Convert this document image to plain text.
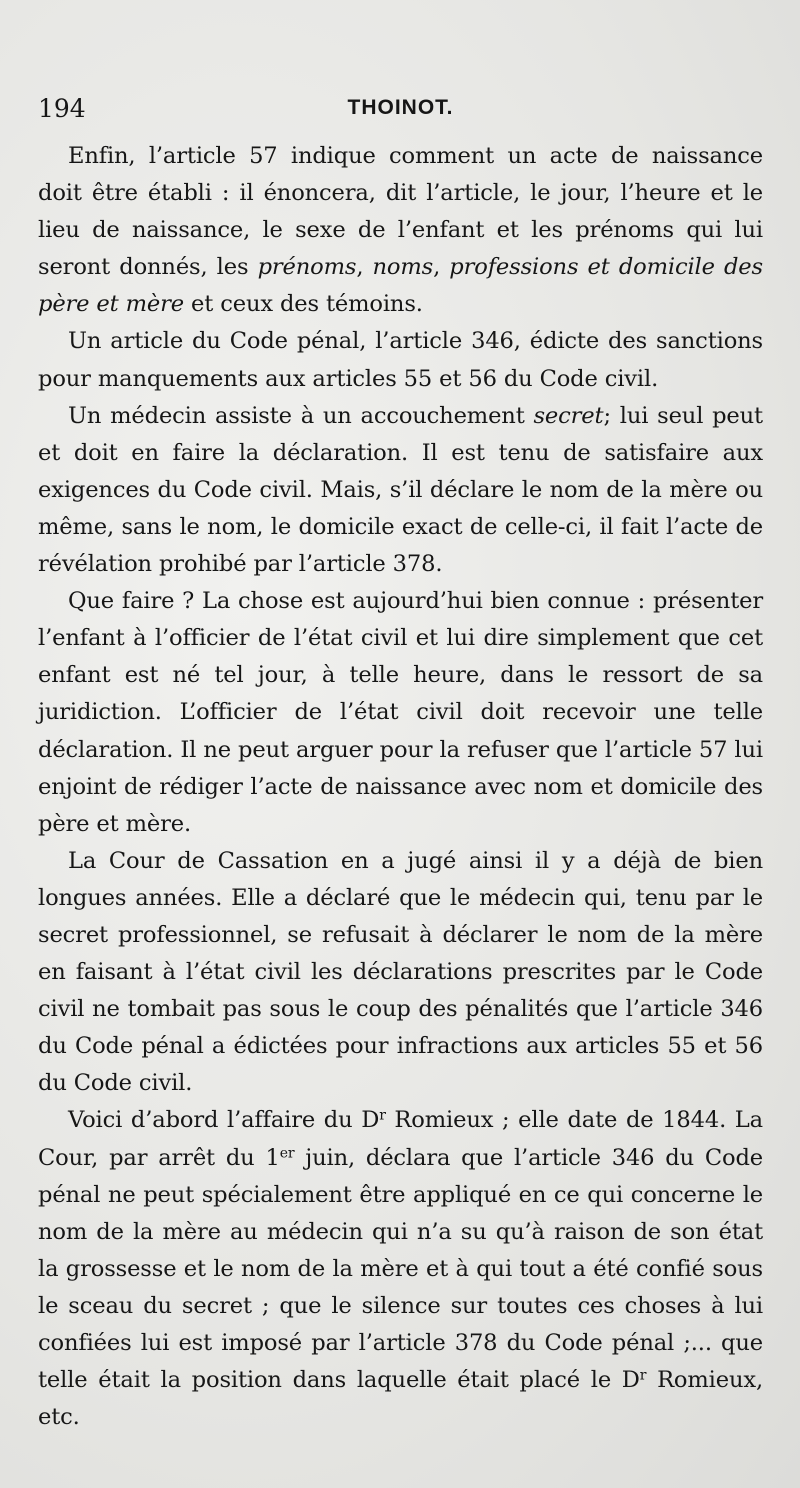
194	THOINOT.

Enfin, l’article 57 indique comment un acte de naissance doit être établi : il énoncera, dit l’article, le jour, l’heure et le lieu de naissance, le sexe de l’enfant et les prénoms qui lui seront donnés, les prénoms, noms, professions et domicile des père et mère et ceux des témoins.

Un article du Code pénal, l’article 346, édicte des sanctions pour manquements aux articles 55 et 56 du Code civil.

Un médecin assiste à un accouchement secret; lui seul peut et doit en faire la déclaration. Il est tenu de satisfaire aux exigences du Code civil. Mais, s’il déclare le nom de la mère ou même, sans le nom, le domicile exact de celle-ci, il fait l’acte de révélation prohibé par l’article 378.

Que faire ? La chose est aujourd’hui bien connue : présenter l’enfant à l’officier de l’état civil et lui dire simplement que cet enfant est né tel jour, à telle heure, dans le ressort de sa juridiction. L’officier de l’état civil doit recevoir une telle déclaration. Il ne peut arguer pour la refuser que l’article 57 lui enjoint de rédiger l’acte de naissance avec nom et domicile des père et mère.

La Cour de Cassation en a jugé ainsi il y a déjà de bien longues années. Elle a déclaré que le médecin qui, tenu par le secret professionnel, se refusait à déclarer le nom de la mère en faisant à l’état civil les déclarations prescrites par le Code civil ne tombait pas sous le coup des pénalités que l’article 346 du Code pénal a édictées pour infractions aux articles 55 et 56 du Code civil.

Voici d’abord l’affaire du $D^r$ Romieux ; elle date de 1844. La Cour, par arrêt du 1er juin, déclara que l’article 346 du Code pénal ne peut spécialement être appliqué en ce qui concerne le nom de la mère au médecin qui n’a su qu’à raison de son état la grossesse et le nom de la mère et à qui tout a été confié sous le sceau du secret ; que le silence sur toutes ces choses à lui confiées lui est imposé par l’article 378 du Code pénal ;... que telle était la position dans laquelle était placé le $D^r$ Romieux, etc.
